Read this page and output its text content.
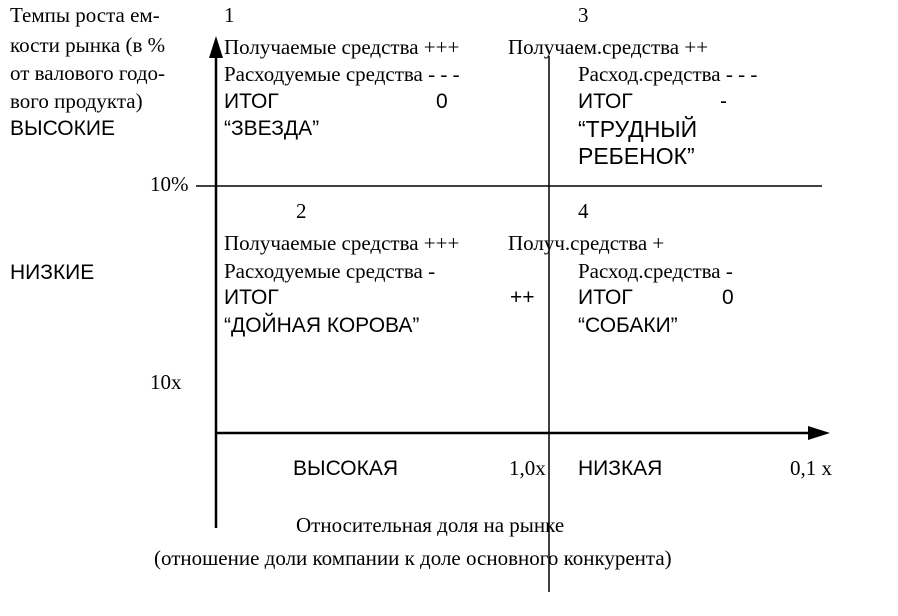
Темпы роста ем-
кости рынка (в %
от валового годо-
вого продукта)
ВЫСОКИЕ
10%
НИЗКИЕ
10х
1
Получаемые средства +++
Расходуемые средства - - -
ИТОГ	0
“ЗВЕЗДА”
3
Получаем.средства ++
Расход.средства - - -
ИТОГ	-
“ТРУДНЫЙ
РЕБЕНОК”
2
Получаемые средства +++
Расходуемые средства -
ИТОГ	++
“ДОЙНАЯ КОРОВА”
4
Получ.средства +
Расход.средства -
ИТОГ	0
“СОБАКИ”
ВЫСОКАЯ	1,0х НИЗКАЯ	0,1 х
Относительная доля на рынке
(отношение доли компании к доле основного конкурента)
